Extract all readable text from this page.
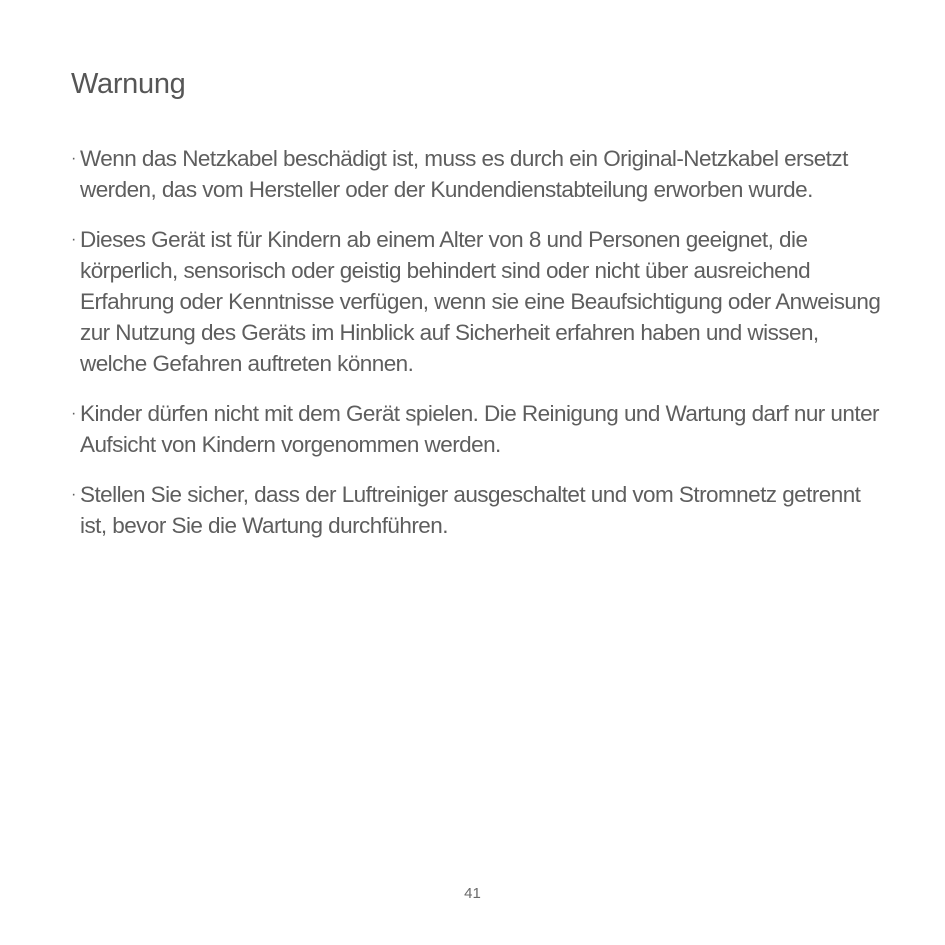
Warnung
· Wenn das Netzkabel beschädigt ist, muss es durch ein Original-Netzkabel ersetzt werden, das vom Hersteller oder der Kundendienstabteilung erworben wurde.
· Dieses Gerät ist für Kindern ab einem Alter von 8 und Personen geeignet, die körperlich, sensorisch oder geistig behindert sind oder nicht über ausreichend Erfahrung oder Kenntnisse verfügen, wenn sie eine Beaufsichtigung oder Anweisung zur Nutzung des Geräts im Hinblick auf Sicherheit erfahren haben und wissen, welche Gefahren auftreten können.
· Kinder dürfen nicht mit dem Gerät spielen. Die Reinigung und Wartung darf nur unter Aufsicht von Kindern vorgenommen werden.
· Stellen Sie sicher, dass der Luftreiniger ausgeschaltet und vom Stromnetz getrennt ist, bevor Sie die Wartung durchführen.
41
